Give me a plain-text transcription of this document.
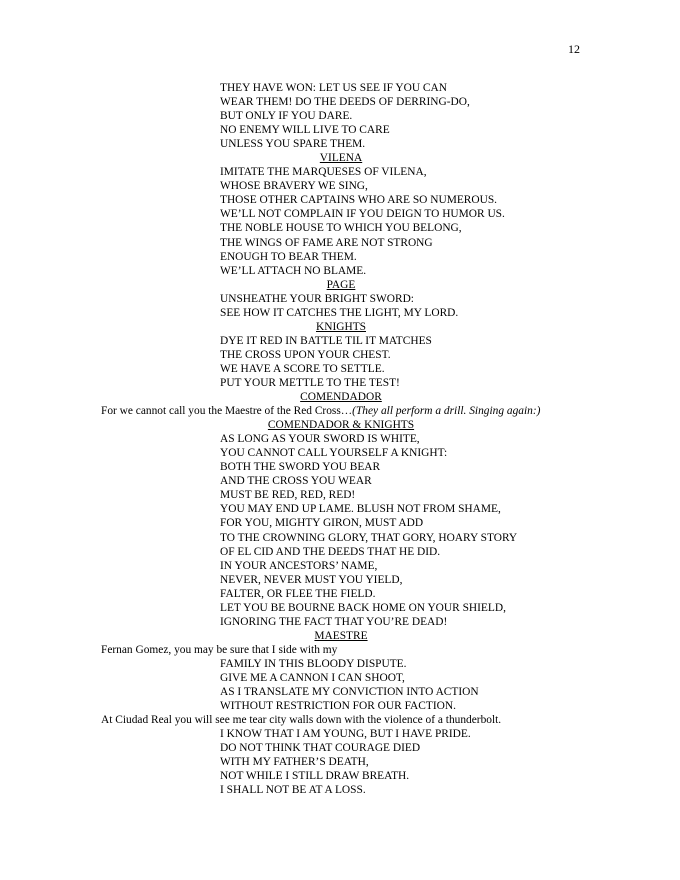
12
THEY HAVE WON: LET US SEE IF YOU CAN
WEAR THEM! DO THE DEEDS OF DERRING-DO,
BUT ONLY IF YOU DARE.
NO ENEMY WILL LIVE TO CARE
UNLESS YOU SPARE THEM.
VILENA
IMITATE THE MARQUESES OF VILENA,
WHOSE BRAVERY WE SING,
THOSE OTHER CAPTAINS WHO ARE SO NUMEROUS.
WE’LL NOT COMPLAIN IF YOU DEIGN TO HUMOR US.
THE NOBLE HOUSE TO WHICH YOU BELONG,
THE WINGS OF FAME ARE NOT STRONG
ENOUGH TO BEAR THEM.
WE’LL ATTACH NO BLAME.
PAGE
UNSHEATHE YOUR BRIGHT SWORD:
SEE HOW IT CATCHES THE LIGHT, MY LORD.
KNIGHTS
DYE IT RED IN BATTLE TIL IT MATCHES
THE CROSS UPON YOUR CHEST.
WE HAVE A SCORE TO SETTLE.
PUT YOUR METTLE TO THE TEST!
COMENDADOR
For we cannot call you the Maestre of the Red Cross…(They all perform a drill. Singing again:)
COMENDADOR & KNIGHTS
AS LONG AS YOUR SWORD IS WHITE,
YOU CANNOT CALL YOURSELF A KNIGHT:
BOTH THE SWORD YOU BEAR
AND THE CROSS YOU WEAR
MUST BE RED, RED, RED!
YOU MAY END UP LAME. BLUSH NOT FROM SHAME,
FOR YOU, MIGHTY GIRON, MUST ADD
TO THE CROWNING GLORY, THAT GORY, HOARY STORY
OF EL CID AND THE DEEDS THAT HE DID.
IN YOUR ANCESTORS’ NAME,
NEVER, NEVER MUST YOU YIELD,
FALTER, OR FLEE THE FIELD.
LET YOU BE BOURNE BACK HOME ON YOUR SHIELD,
IGNORING THE FACT THAT YOU’RE DEAD!
MAESTRE
Fernan Gomez, you may be sure that I side with my
FAMILY IN THIS BLOODY DISPUTE.
GIVE ME A CANNON I CAN SHOOT,
AS I TRANSLATE MY CONVICTION INTO ACTION
WITHOUT RESTRICTION FOR OUR FACTION.
At Ciudad Real you will see me tear city walls down with the violence of a thunderbolt.
I KNOW THAT I AM YOUNG, BUT I HAVE PRIDE.
DO NOT THINK THAT COURAGE DIED
WITH MY FATHER’S DEATH,
NOT WHILE I STILL DRAW BREATH.
I SHALL NOT BE AT A LOSS.
